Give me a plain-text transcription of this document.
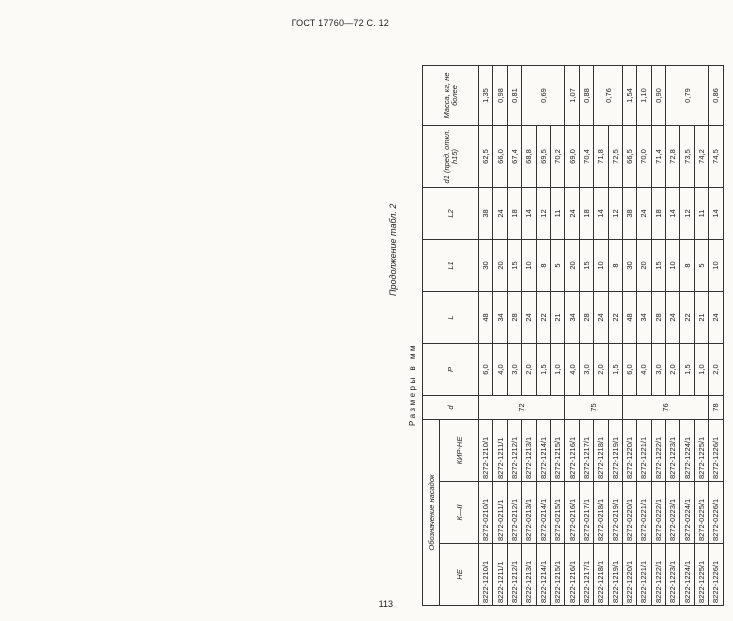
ГОСТ 17760—72 С. 12
Продолжение табл. 2
Размеры в мм
Обозначение насадок			d	P	L	L1	L2	d1 (пред. откл. h15)	Масса, кг, не более
НЕ	К—II	КИР-НЕ							
8222-1210/1	8272-0210/1	8272-1210/1	72	6,0	48	30	38	62,5	1,35
8222-1211/1	8272-0211/1	8272-1211/1		4,0	34	20	24	66,0	0,98
8222-1212/1	8272-0212/1	8272-1212/1		3,0	28	15	18	67,4	0,81
8222-1213/1	8272-0213/1	8272-1213/1		2,0	24	10	14	68,8	0,69
8222-1214/1	8272-0214/1	8272-1214/1		1,5	22	8	12	69,5	
8222-1215/1	8272-0215/1	8272-1215/1		1,0	21	5	11	70,2	
8222-1216/1	8272-0216/1	8272-1216/1	75	4,0	34	20	24	69,0	1,07
8222-1217/1	8272-0217/1	8272-1217/1		3,0	28	15	18	70,4	0,88
8222-1218/1	8272-0218/1	8272-1218/1		2,0	24	10	14	71,8	0,76
8222-1219/1	8272-0219/1	8272-1219/1		1,5	22	8	12	72,5	
8222-1220/1	8272-0220/1	8272-1220/1	76	6,0	48	30	38	66,5	1,54
8222-1221/1	8272-0221/1	8272-1221/1		4,0	34	20	24	70,0	1,10
8222-1222/1	8272-0222/1	8272-1222/1		3,0	28	15	18	71,4	0,90
8222-1223/1	8272-0223/1	8272-1223/1		2,0	24	10	14	72,8	0,79
8222-1224/1	8272-0224/1	8272-1224/1		1,5	22	8	12	73,5	
8222-1225/1	8272-0225/1	8272-1225/1		1,0	21	5	11	74,2	
8222-1226/1	8272-0226/1	8272-1226/1	78	2,0	24	10	14	74,5	0,86
113
